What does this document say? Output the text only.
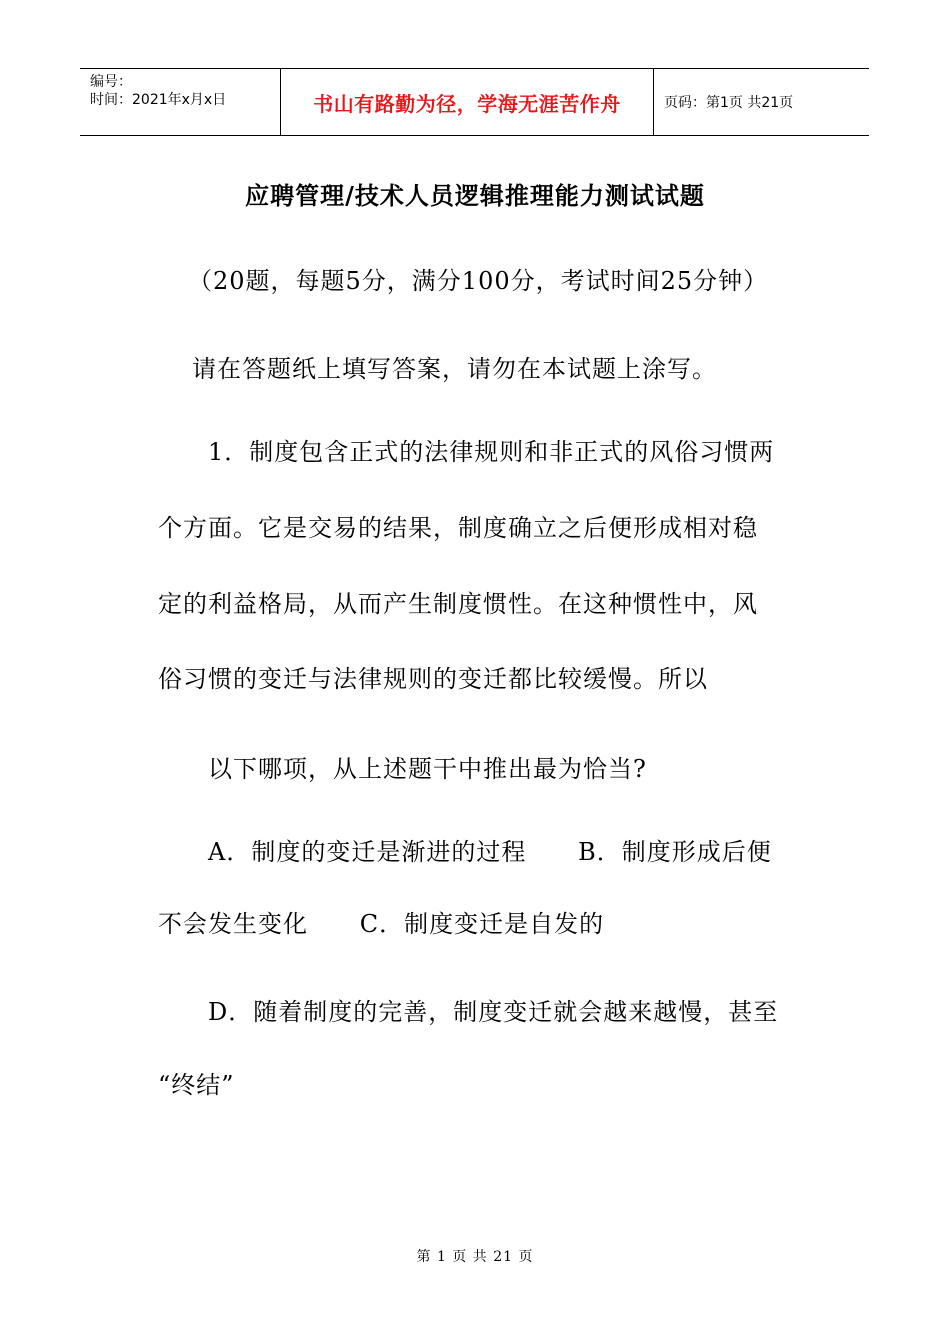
编号：
时间：2021年x月x日	书山有路勤为径，学海无涯苦作舟	页码：第1页 共21页
应聘管理/技术人员逻辑推理能力测试试题
（20题，每题5分，满分100分，考试时间25分钟）
请在答题纸上填写答案，请勿在本试题上涂写。
1．制度包含正式的法律规则和非正式的风俗习惯两
个方面。它是交易的结果，制度确立之后便形成相对稳
定的利益格局，从而产生制度惯性。在这种惯性中，风
俗习惯的变迁与法律规则的变迁都比较缓慢。所以
以下哪项，从上述题干中推出最为恰当?
A．制度的变迁是渐进的过程      B．制度形成后便
不会发生变化      C．制度变迁是自发的
D．随着制度的完善，制度变迁就会越来越慢，甚至
“终结”
第 1 页 共 21 页
